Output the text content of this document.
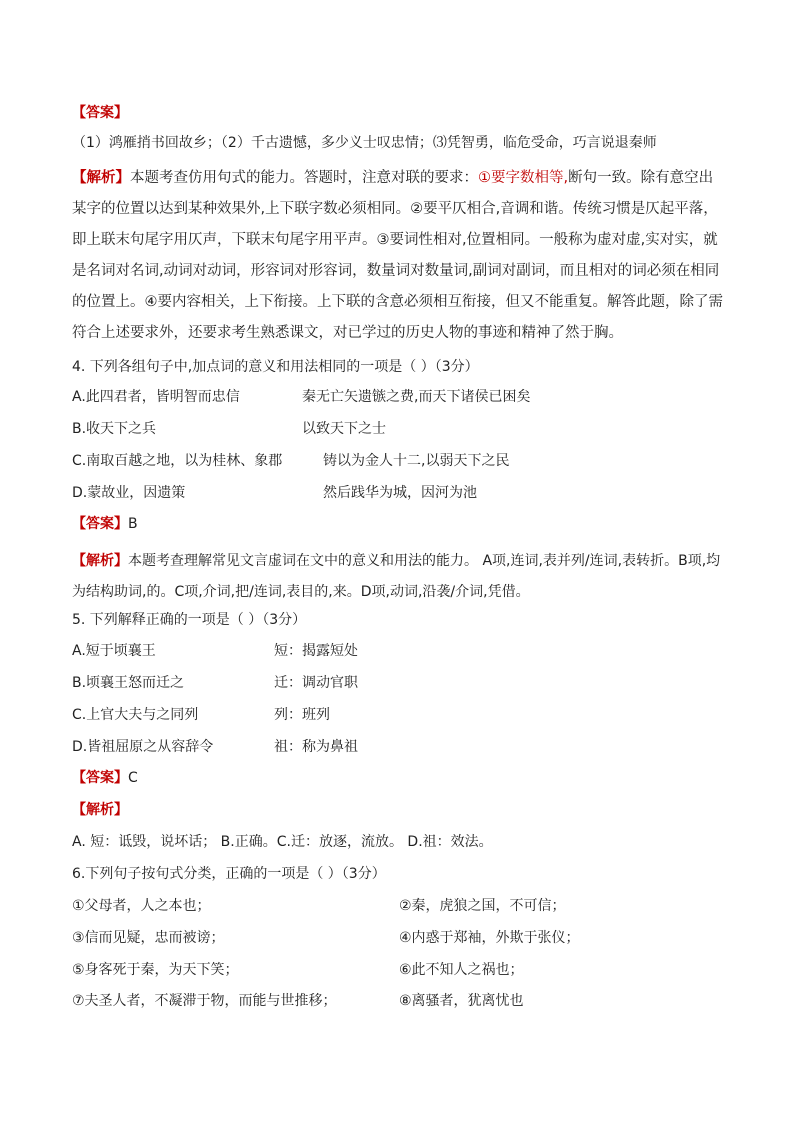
【答案】
（1）鸿雁捎书回故乡；（2）千古遗憾，多少义士叹忠情；⑶凭智勇，临危受命，巧言说退秦师
【解析】本题考查仿用句式的能力。答题时，注意对联的要求：①要字数相等,断句一致。除有意空出某字的位置以达到某种效果外,上下联字数必须相同。②要平仄相合,音调和谐。传统习惯是仄起平落，即上联末句尾字用仄声，下联末句尾字用平声。③要词性相对,位置相同。一般称为虚对虚,实对实，就是名词对名词,动词对动词，形容词对形容词，数量词对数量词,副词对副词，而且相对的词必须在相同的位置上。④要内容相关，上下衔接。上下联的含意必须相互衔接，但又不能重复。解答此题，除了需符合上述要求外，还要求考生熟悉课文，对已学过的历史人物的事迹和精神了然于胸。
4. 下列各组句子中,加点词的意义和用法相同的一项是（ ）（3分）
A.此四君者，皆明智而忠信	秦无亡矢遗镞之费,而天下诸侯已困矣
B.收天下之兵	以致天下之士
C.南取百越之地，以为桂林、象郡	铸以为金人十二,以弱天下之民
D.蒙故业，因遗策	然后践华为城，因河为池
【答案】B
【解析】本题考查理解常见文言虚词在文中的意义和用法的能力。 A项,连词,表并列/连词,表转折。B项,均为结构助词,的。C项,介词,把/连词,表目的,来。D项,动词,沿袭/介词,凭借。
5. 下列解释正确的一项是（ ）（3分）
A.短于顷襄王	短：揭露短处
B.顷襄王怒而迁之	迁：调动官职
C.上官大夫与之同列	列：班列
D.皆祖屈原之从容辞令	祖：称为鼻祖
【答案】C
【解析】
A. 短：诋毁，说坏话； B.正确。C.迁：放逐，流放。 D.祖：效法。
6.下列句子按句式分类，正确的一项是（ ）（3分）
①父母者，人之本也；	②秦，虎狼之国，不可信；
③信而见疑，忠而被谤；	④内惑于郑袖，外欺于张仪；
⑤身客死于秦，为天下笑；	⑥此不知人之祸也；
⑦夫圣人者，不凝滞于物，而能与世推移；	⑧离骚者，犹离忧也
